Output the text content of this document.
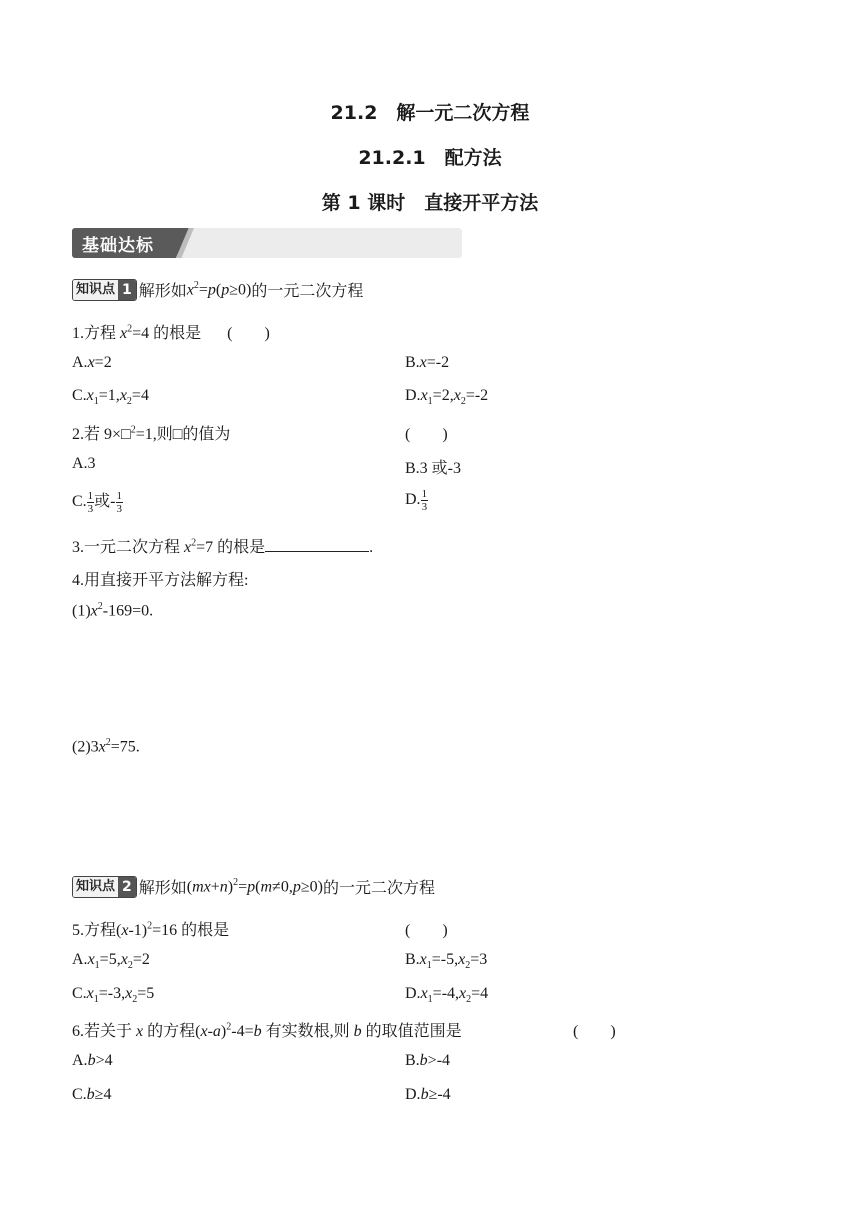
21.2　解一元二次方程
21.2.1　配方法
第 1 课时　直接开平方法
基础达标
知识点 1 解形如 $x^2=p(p\ge 0)$ 的一元二次方程
1.方程 $x^2=4$ 的根是 (　　)
A.x=2	B.x=-2
$C.x_1=1,x_2=4$	$D.x_1=2,x_2=-2$
2.若 9×□$^2$=1,则□的值为	(　　)
A.3	B.3 或-3
C. $\frac{1}{3}$ 或- $\frac{1}{3}$	D. $\frac{1}{3}$
3.一元二次方程 $x^2=7$ 的根是	.
4.用直接开平方法解方程:
$(1)x^2-169=0$.
$(2)3x^2=75$.
知识点 2 解形如 $(mx+n)^2=p(m\ne 0,p\ge 0)$ 的一元二次方程
5.方程$(x-1)^2=16$ 的根是	(　　)
$A.x_1=5,x_2=2$	$B.x_1=-5,x_2=3$
$C.x_1=-3,x_2=5$	$D.x_1=-4,x_2=4$
6.若关于 x 的方程$(x-a)^2-4=b$ 有实数根,则 b 的取值范围是	(　　)
A.b>4	B.b>-4
C.b≥4	D.b≥-4
